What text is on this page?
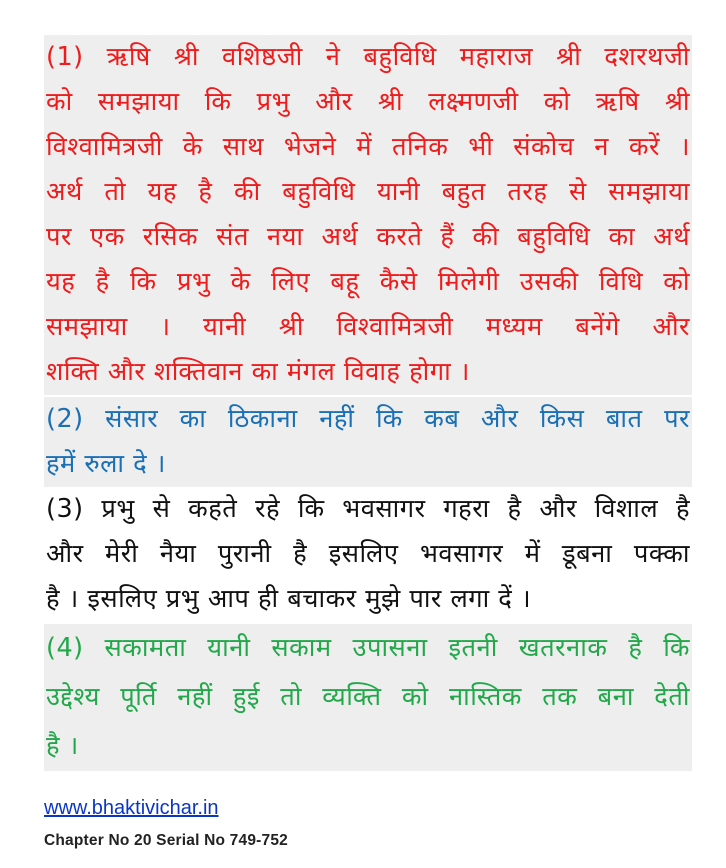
(1) ऋषि श्री वशिष्ठजी ने बहुविधि महाराज श्री दशरथजी
को समझाया कि प्रभु और श्री लक्ष्मणजी को ऋषि श्री
विश्वामित्रजी के साथ भेजने में तनिक भी संकोच न करें ।
अर्थ तो यह है की बहुविधि यानी बहुत तरह से समझाया
पर एक रसिक संत नया अर्थ करते हैं की बहुविधि का अर्थ
यह है कि प्रभु के लिए बहू कैसे मिलेगी उसकी विधि को
समझाया । यानी श्री विश्वामित्रजी मध्यम बनेंगे और
शक्ति और शक्तिवान का मंगल विवाह होगा ।
(2) संसार का ठिकाना नहीं कि कब और किस बात पर
हमें रुला दे ।
(3) प्रभु से कहते रहे कि भवसागर गहरा है और विशाल है
और मेरी नैया पुरानी है इसलिए भवसागर में डूबना पक्का
है । इसलिए प्रभु आप ही बचाकर मुझे पार लगा दें ।
(4) सकामता यानी सकाम उपासना इतनी खतरनाक है कि
उद्देश्य पूर्ति नहीं हुई तो व्यक्ति को नास्तिक तक बना देती
है ।
www.bhaktivichar.in
Chapter No 20 Serial No 749-752
